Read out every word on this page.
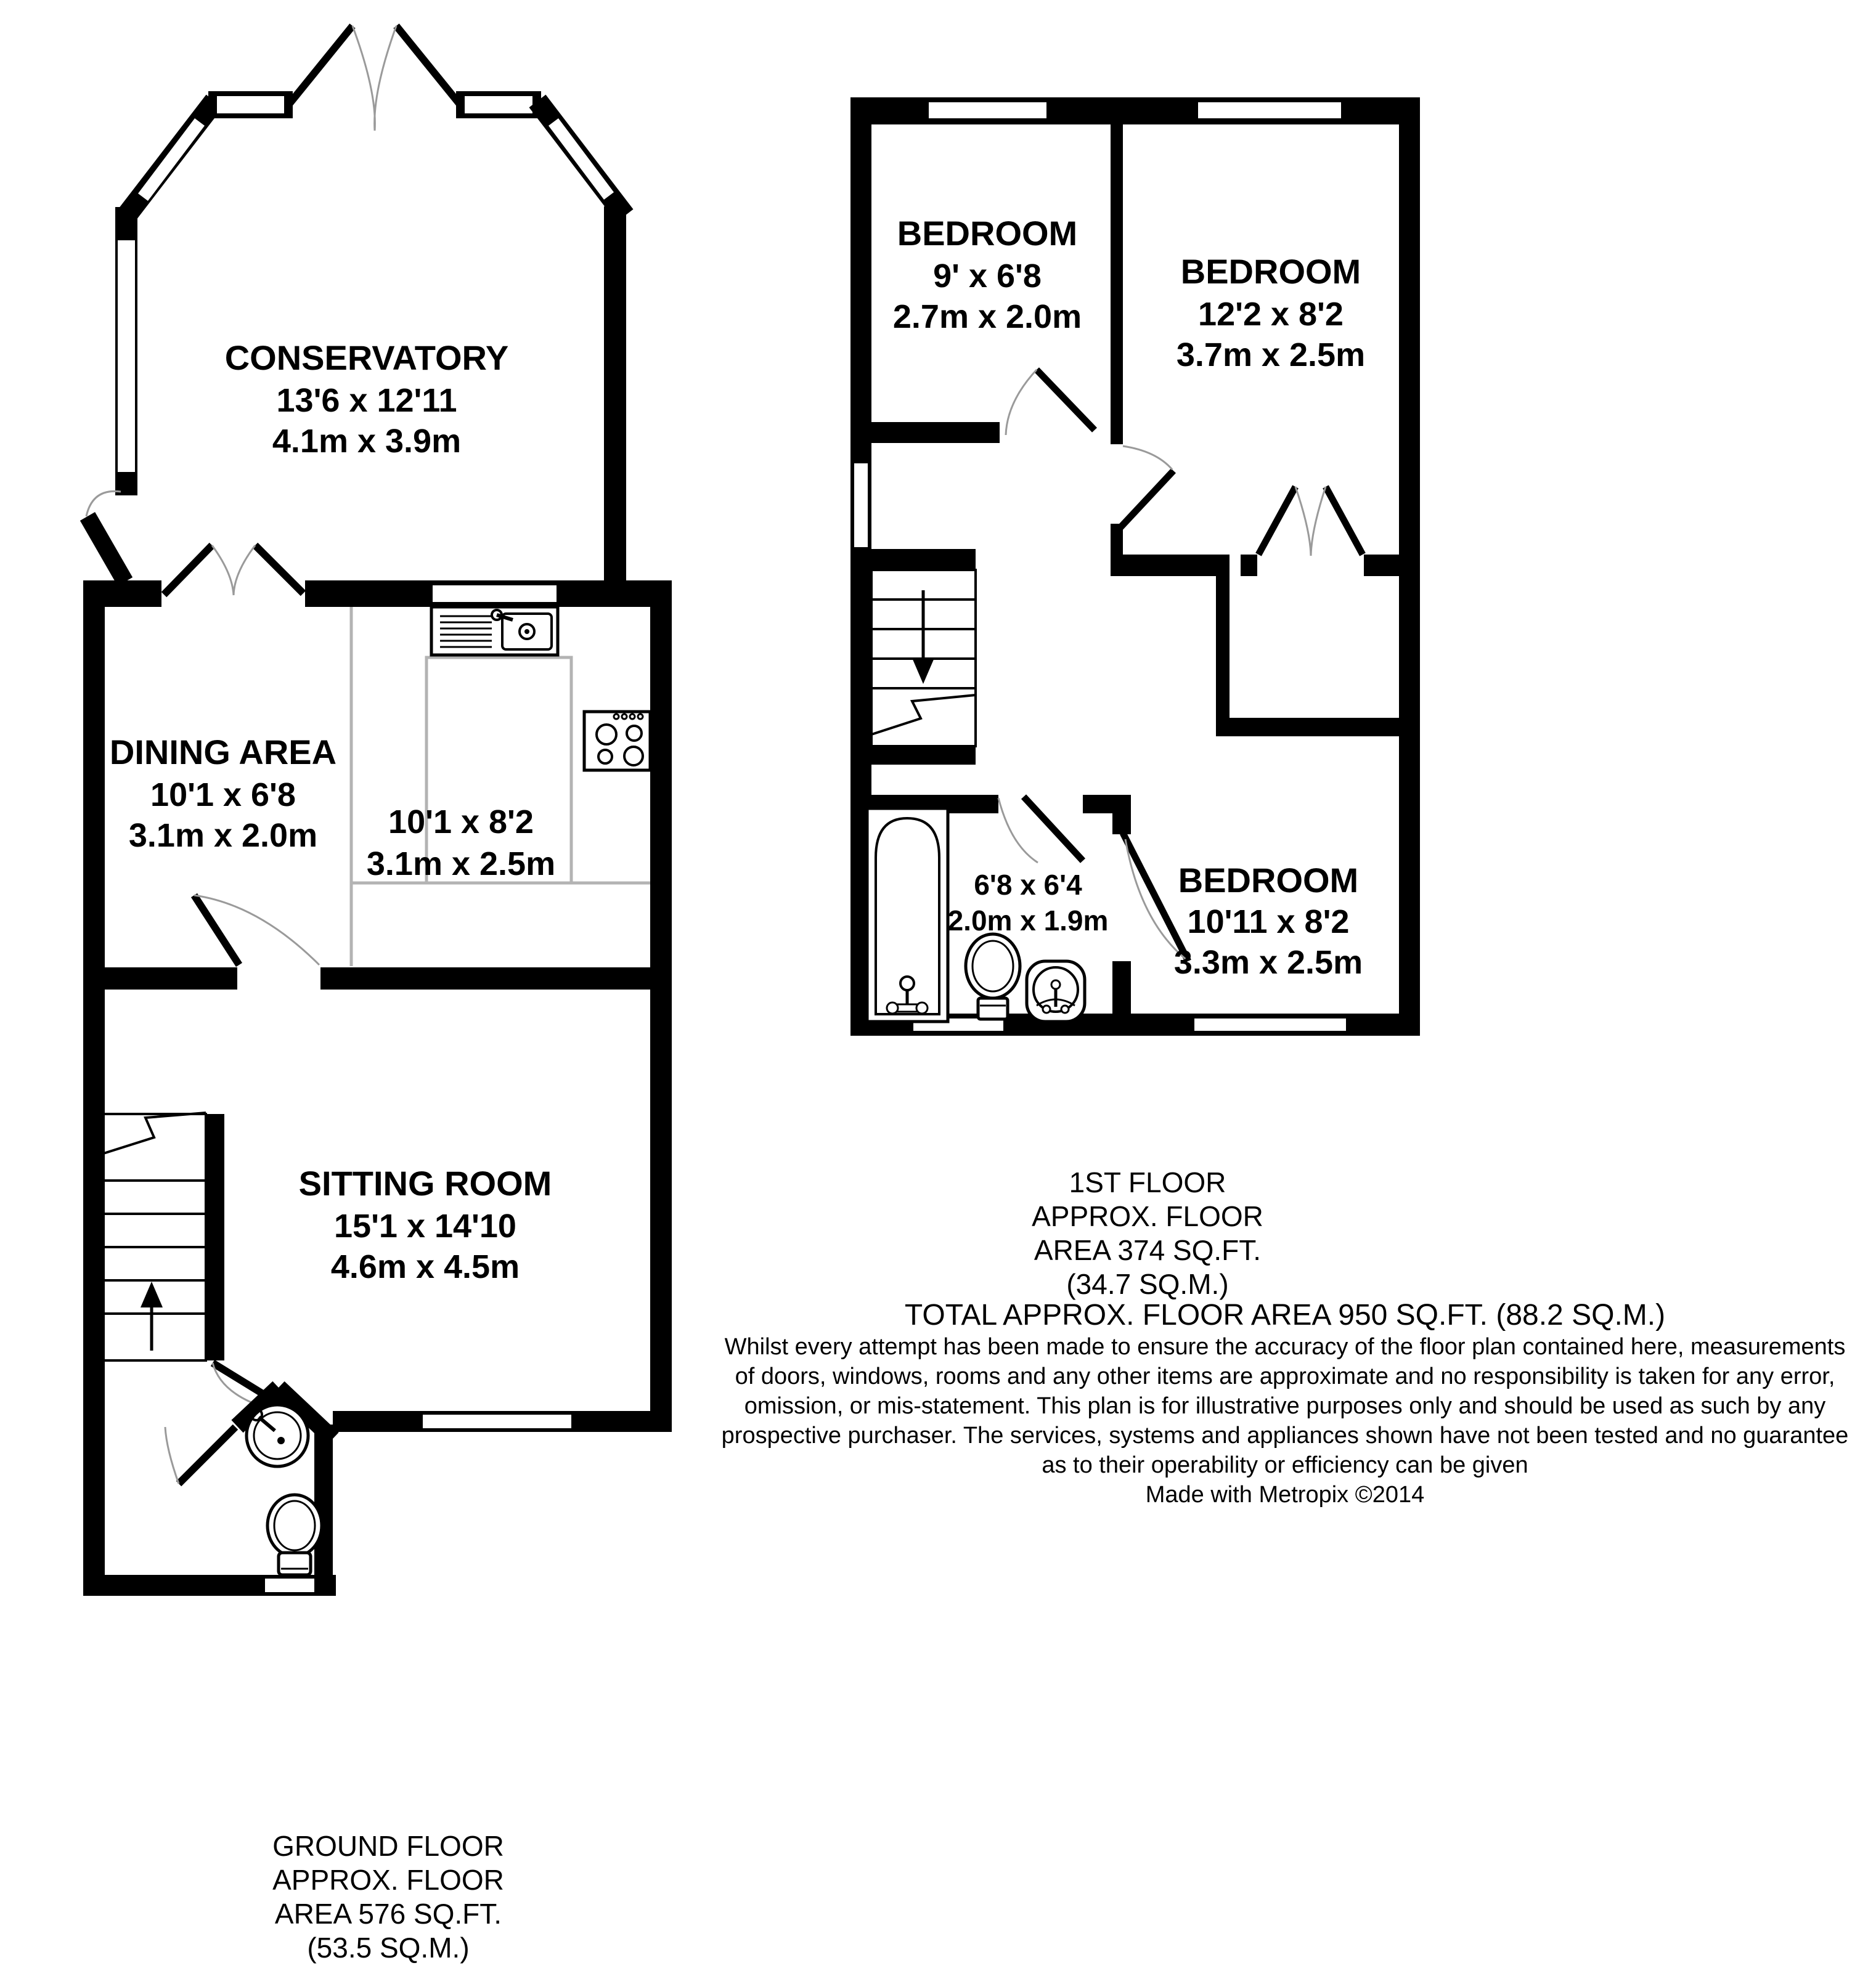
CONSERVATORY
13'6 x 12'11
4.1m x 3.9m
DINING AREA
10'1 x 6'8
3.1m x 2.0m 10'1 x 8'2
3.1m x 2.5m
SITTING ROOM
15'1 x 14'10
4.6m x 4.5m
BEDROOM
9' x 6'8
2.7m x 2.0m
BEDROOM
12'2 x 8'2
3.7m x 2.5m
6'8 x 6'4
2.0m x 1.9m
BEDROOM
10'11 x 8'2
3.3m x 2.5m
1ST FLOOR
APPROX. FLOOR
AREA 374 SQ.FT.
(34.7 SQ.M.)
TOTAL APPROX. FLOOR AREA 950 SQ.FT. (88.2 SQ.M.)
Whilst every attempt has been made to ensure the accuracy of the floor plan contained here, measurements
of doors, windows, rooms and any other items are approximate and no responsibility is taken for any error,
omission, or mis-statement. This plan is for illustrative purposes only and should be used as such by any
prospective purchaser. The services, systems and appliances shown have not been tested and no guarantee
as to their operability or efficiency can be given
Made with Metropix ©2014
GROUND FLOOR
APPROX. FLOOR
AREA 576 SQ.FT.
(53.5 SQ.M.)
